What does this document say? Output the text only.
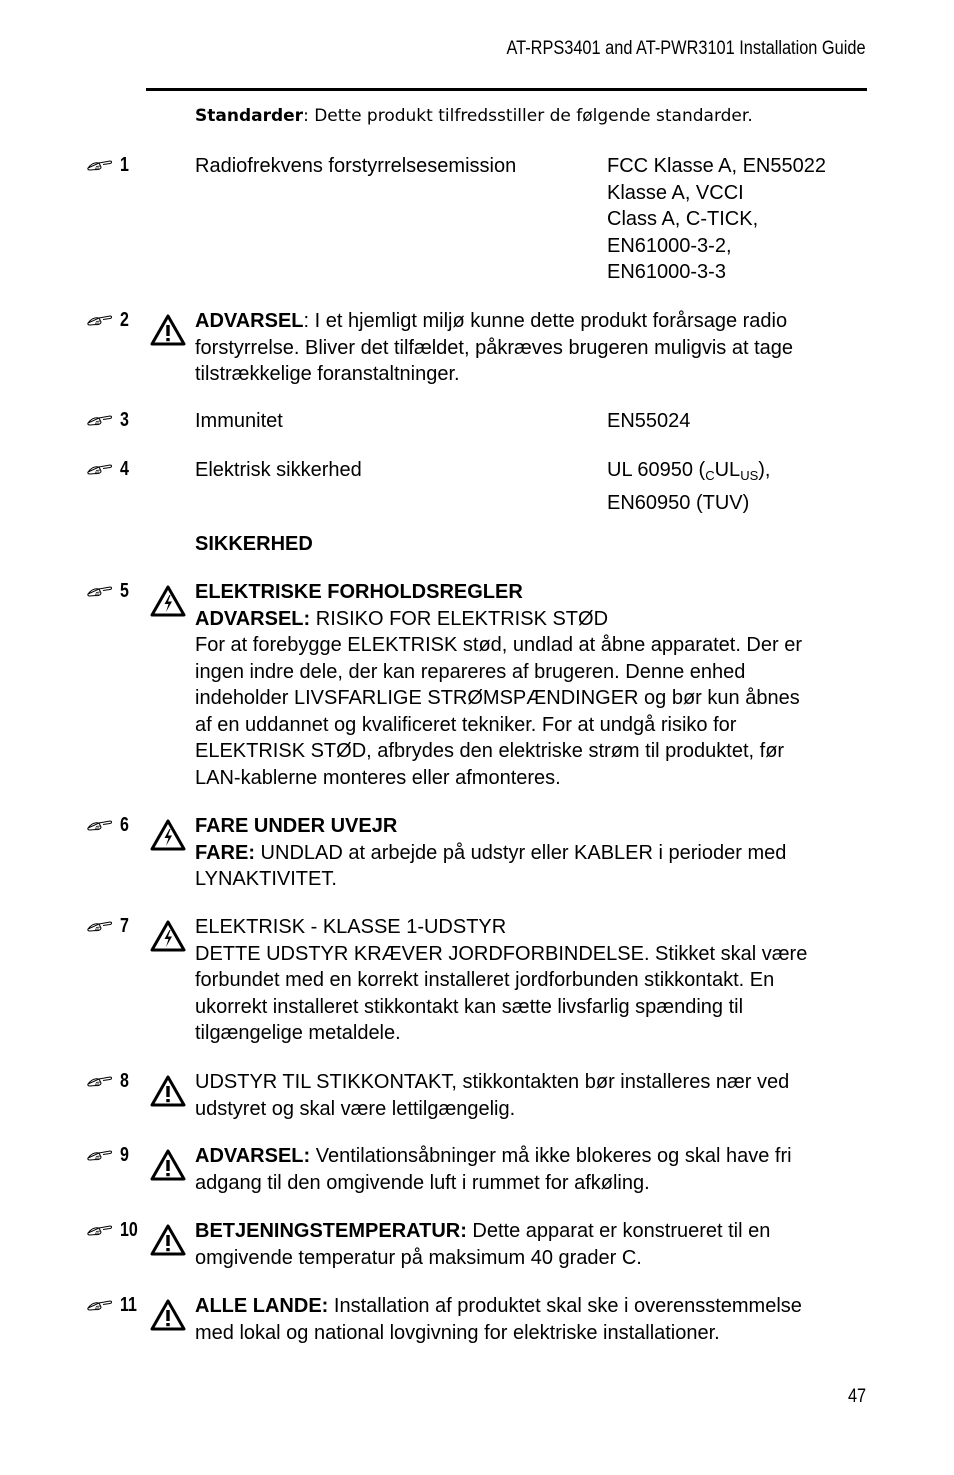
AT-RPS3401 and AT-PWR3101 Installation Guide
Standarder: Dette produkt tilfredsstiller de følgende standarder.
1	Radiofrekvens forstyrrelsesemission	FCC Klasse A, EN55022
Klasse A, VCCI
Class A, C-TICK,
EN61000-3-2,
EN61000-3-3
2	ADVARSEL: I et hjemligt miljø kunne dette produkt forårsage radio
forstyrrelse. Bliver det tilfældet, påkræves brugeren muligvis at tage
tilstrækkelige foranstaltninger.
3	Immunitet	EN55024
4	Elektrisk sikkerhed	UL 60950 $(_CUL_{US})$,
EN60950 (TUV)
SIKKERHED
5	ELEKTRISKE FORHOLDSREGLER
ADVARSEL: RISIKO FOR ELEKTRISK STØD
For at forebygge ELEKTRISK stød, undlad at åbne apparatet. Der er
ingen indre dele, der kan repareres af brugeren. Denne enhed
indeholder LIVSFARLIGE STRØMSPÆNDINGER og bør kun åbnes
af en uddannet og kvalificeret tekniker. For at undgå risiko for
ELEKTRISK STØD, afbrydes den elektriske strøm til produktet, før
LAN-kablerne monteres eller afmonteres.
6	FARE UNDER UVEJR
FARE: UNDLAD at arbejde på udstyr eller KABLER i perioder med
LYNAKTIVITET.
7	ELEKTRISK - KLASSE 1-UDSTYR
DETTE UDSTYR KRÆVER JORDFORBINDELSE. Stikket skal være
forbundet med en korrekt installeret jordforbunden stikkontakt. En
ukorrekt installeret stikkontakt kan sætte livsfarlig spænding til
tilgængelige metaldele.
8	UDSTYR TIL STIKKONTAKT, stikkontakten bør installeres nær ved
udstyret og skal være lettilgængelig.
9	ADVARSEL: Ventilationsåbninger må ikke blokeres og skal have fri
adgang til den omgivende luft i rummet for afkøling.
10	BETJENINGSTEMPERATUR: Dette apparat er konstrueret til en
omgivende temperatur på maksimum 40 grader C.
11	ALLE LANDE: Installation af produktet skal ske i overensstemmelse
med lokal og national lovgivning for elektriske installationer.
47
